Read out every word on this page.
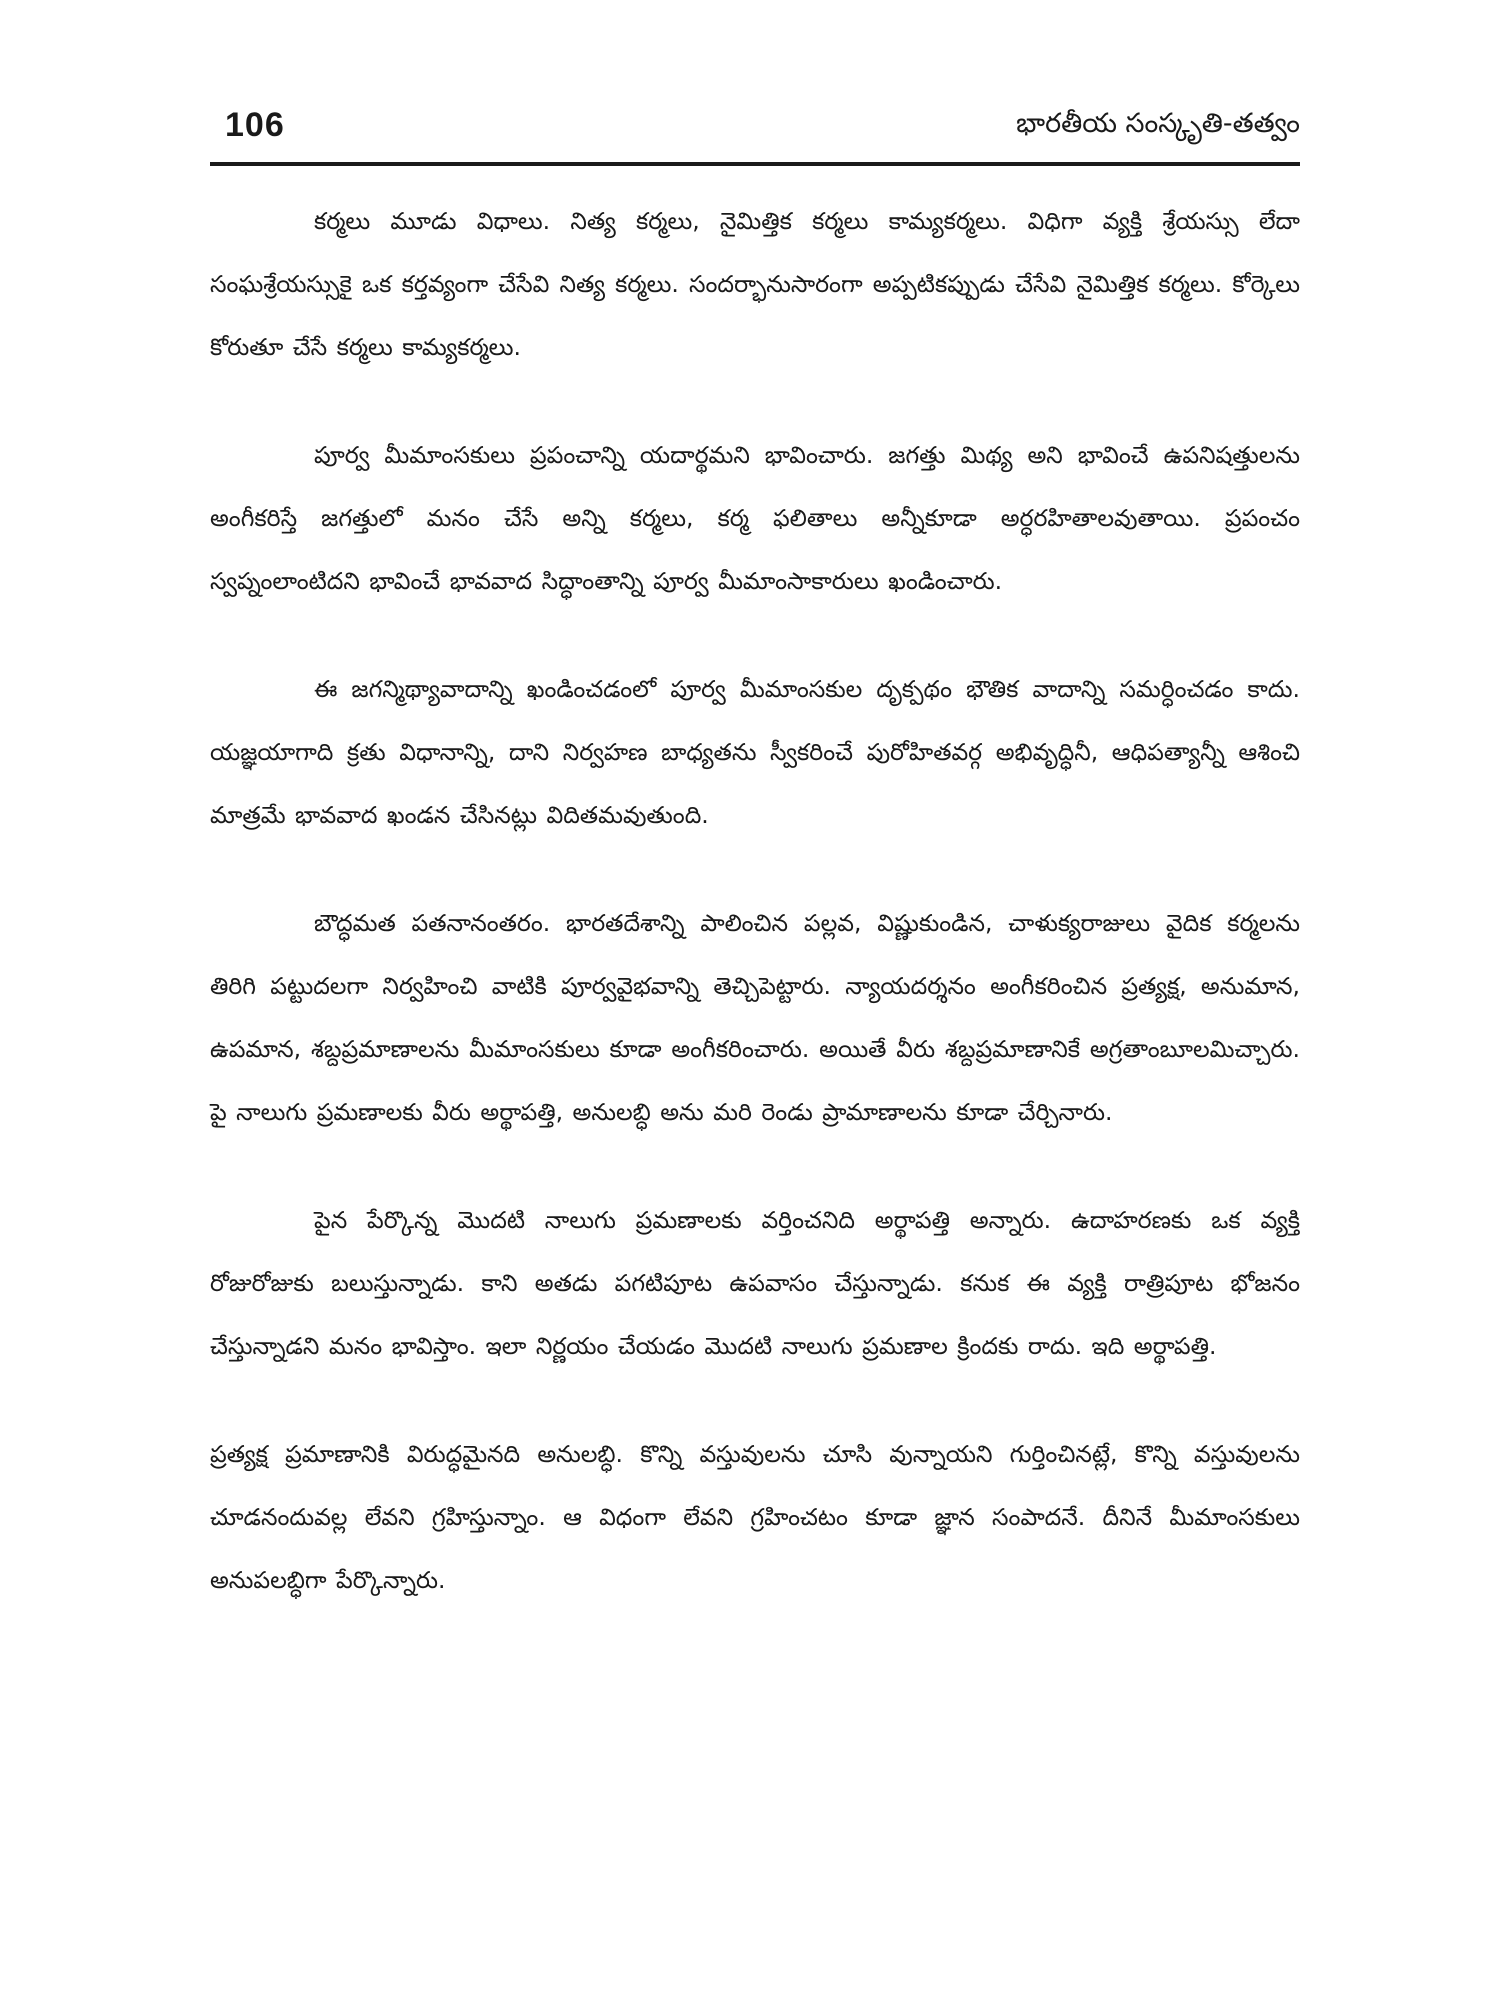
106	భారతీయ సంస్కృతి-తత్వం

కర్మలు మూడు విధాలు. నిత్య కర్మలు, నైమిత్తిక కర్మలు కామ్యకర్మలు. విధిగా వ్యక్తి శ్రేయస్సు లేదా సంఘశ్రేయస్సుకై ఒక కర్తవ్యంగా చేసేవి నిత్య కర్మలు. సందర్భానుసారంగా అప్పటికప్పుడు చేసేవి నైమిత్తిక కర్మలు. కోర్కెలు కోరుతూ చేసే కర్మలు కామ్యకర్మలు.

పూర్వ మీమాంసకులు ప్రపంచాన్ని యదార్థమని భావించారు. జగత్తు మిథ్య అని భావించే ఉపనిషత్తులను అంగీకరిస్తే జగత్తులో మనం చేసే అన్ని కర్మలు, కర్మ ఫలితాలు అన్నీకూడా అర్ధరహితాలవుతాయి. ప్రపంచం స్వప్నంలాంటిదని భావించే భావవాద సిద్ధాంతాన్ని పూర్వ మీమాంసాకారులు ఖండించారు.

ఈ జగన్మిథ్యావాదాన్ని ఖండించడంలో పూర్వ మీమాంసకుల దృక్పథం భౌతిక వాదాన్ని సమర్ధించడం కాదు. యజ్ఞయాగాది క్రతు విధానాన్ని, దాని నిర్వహణ బాధ్యతను స్వీకరించే పురోహితవర్గ అభివృద్ధినీ, ఆధిపత్యాన్నీ ఆశించి మాత్రమే భావవాద ఖండన చేసినట్లు విదితమవుతుంది.

బౌద్ధమత పతనానంతరం. భారతదేశాన్ని పాలించిన పల్లవ, విష్ణుకుండిన, చాళుక్యరాజులు వైదిక కర్మలను తిరిగి పట్టుదలగా నిర్వహించి వాటికి పూర్వవైభవాన్ని తెచ్చిపెట్టారు. న్యాయదర్శనం అంగీకరించిన ప్రత్యక్ష, అనుమాన, ఉపమాన, శబ్దప్రమాణాలను మీమాంసకులు కూడా అంగీకరించారు. అయితే వీరు శబ్దప్రమాణానికే అగ్రతాంబూలమిచ్చారు. పై నాలుగు ప్రమణాలకు వీరు అర్థాపత్తి, అనులబ్ధి అను మరి రెండు ప్రామాణాలను కూడా చేర్చినారు.

పైన పేర్కొన్న మొదటి నాలుగు ప్రమణాలకు వర్తించనిది అర్థాపత్తి అన్నారు. ఉదాహరణకు ఒక వ్యక్తి రోజురోజుకు బలుస్తున్నాడు. కాని అతడు పగటిపూట ఉపవాసం చేస్తున్నాడు. కనుక ఈ వ్యక్తి రాత్రిపూట భోజనం చేస్తున్నాడని మనం భావిస్తాం. ఇలా నిర్ణయం చేయడం మొదటి నాలుగు ప్రమణాల క్రిందకు రాదు. ఇది అర్థాపత్తి.

ప్రత్యక్ష ప్రమాణానికి విరుద్ధమైనది అనులబ్ధి. కొన్ని వస్తువులను చూసి వున్నాయని గుర్తించినట్లే, కొన్ని వస్తువులను చూడనందువల్ల లేవని గ్రహిస్తున్నాం. ఆ విధంగా లేవని గ్రహించటం కూడా జ్ఞాన సంపాదనే. దీనినే మీమాంసకులు అనుపలబ్ధిగా పేర్కొన్నారు.
